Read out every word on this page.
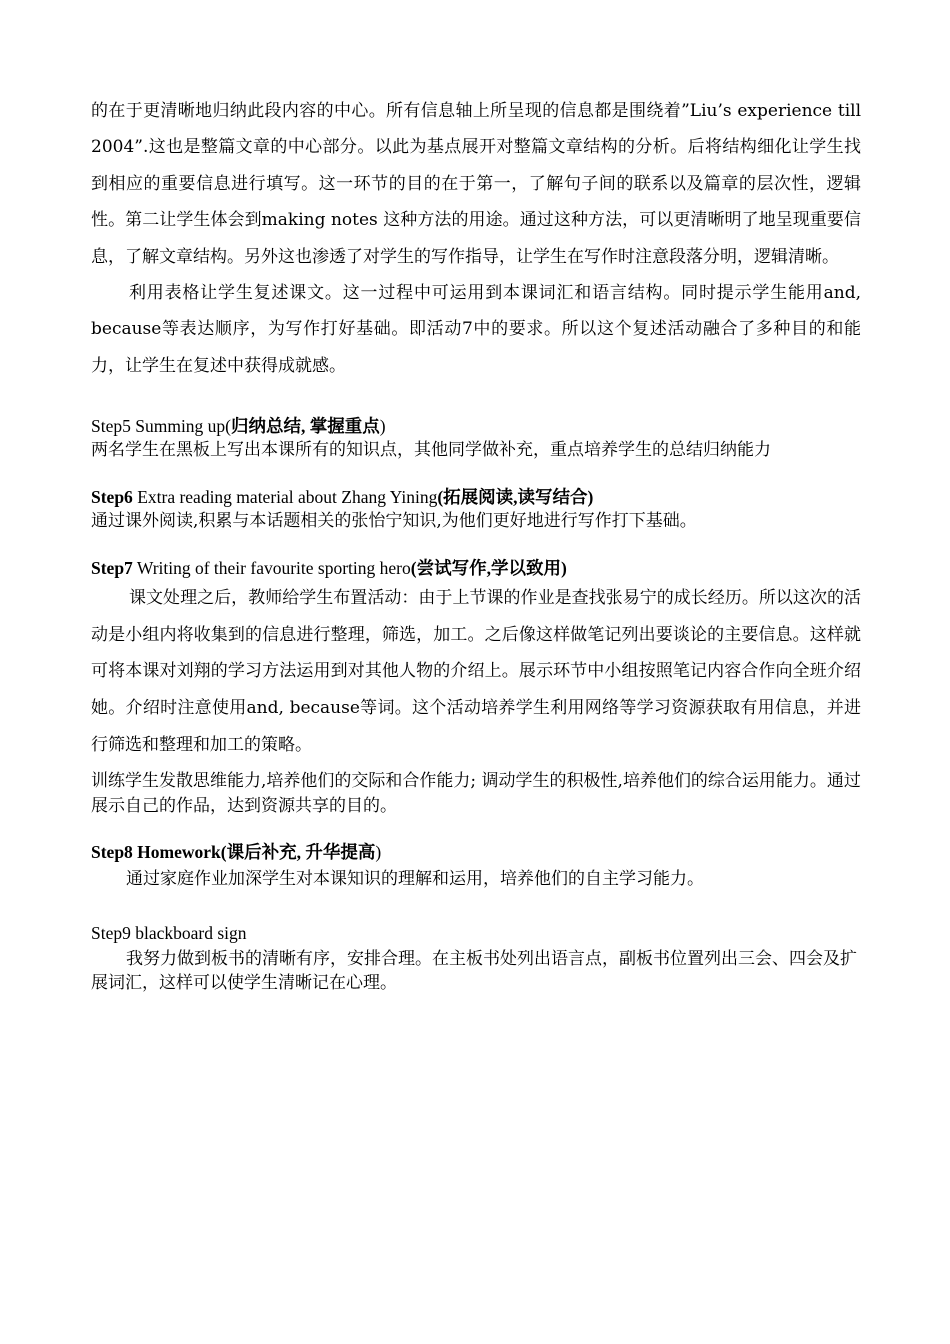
的在于更清晰地归纳此段内容的中心。所有信息轴上所呈现的信息都是围绕着”Liu’s experience till 2004”.这也是整篇文章的中心部分。以此为基点展开对整篇文章结构的分析。后将结构细化让学生找到相应的重要信息进行填写。这一环节的目的在于第一，了解句子间的联系以及篇章的层次性，逻辑性。第二让学生体会到making notes 这种方法的用途。通过这种方法，可以更清晰明了地呈现重要信息，了解文章结构。另外这也渗透了对学生的写作指导，让学生在写作时注意段落分明，逻辑清晰。

利用表格让学生复述课文。这一过程中可运用到本课词汇和语言结构。同时提示学生能用and, because等表达顺序，为写作打好基础。即活动7中的要求。所以这个复述活动融合了多种目的和能力，让学生在复述中获得成就感。

Step5 Summing up(归纳总结, 掌握重点)

两名学生在黑板上写出本课所有的知识点，其他同学做补充，重点培养学生的总结归纳能力

Step6 Extra reading material about Zhang Yining(拓展阅读,读写结合)

通过课外阅读,积累与本话题相关的张怡宁知识,为他们更好地进行写作打下基础。

Step7 Writing of their favourite sporting hero(尝试写作,学以致用)

课文处理之后，教师给学生布置活动：由于上节课的作业是查找张易宁的成长经历。所以这次的活动是小组内将收集到的信息进行整理，筛选，加工。之后像这样做笔记列出要谈论的主要信息。这样就可将本课对刘翔的学习方法运用到对其他人物的介绍上。展示环节中小组按照笔记内容合作向全班介绍她。介绍时注意使用and, because等词。这个活动培养学生利用网络等学习资源获取有用信息，并进行筛选和整理和加工的策略。

训练学生发散思维能力,培养他们的交际和合作能力; 调动学生的积极性,培养他们的综合运用能力。通过展示自己的作品，达到资源共享的目的。

Step8 Homework(课后补充, 升华提高)

通过家庭作业加深学生对本课知识的理解和运用，培养他们的自主学习能力。

Step9 blackboard sign

我努力做到板书的清晰有序，安排合理。在主板书处列出语言点，副板书位置列出三会、四会及扩展词汇，这样可以使学生清晰记在心理。
